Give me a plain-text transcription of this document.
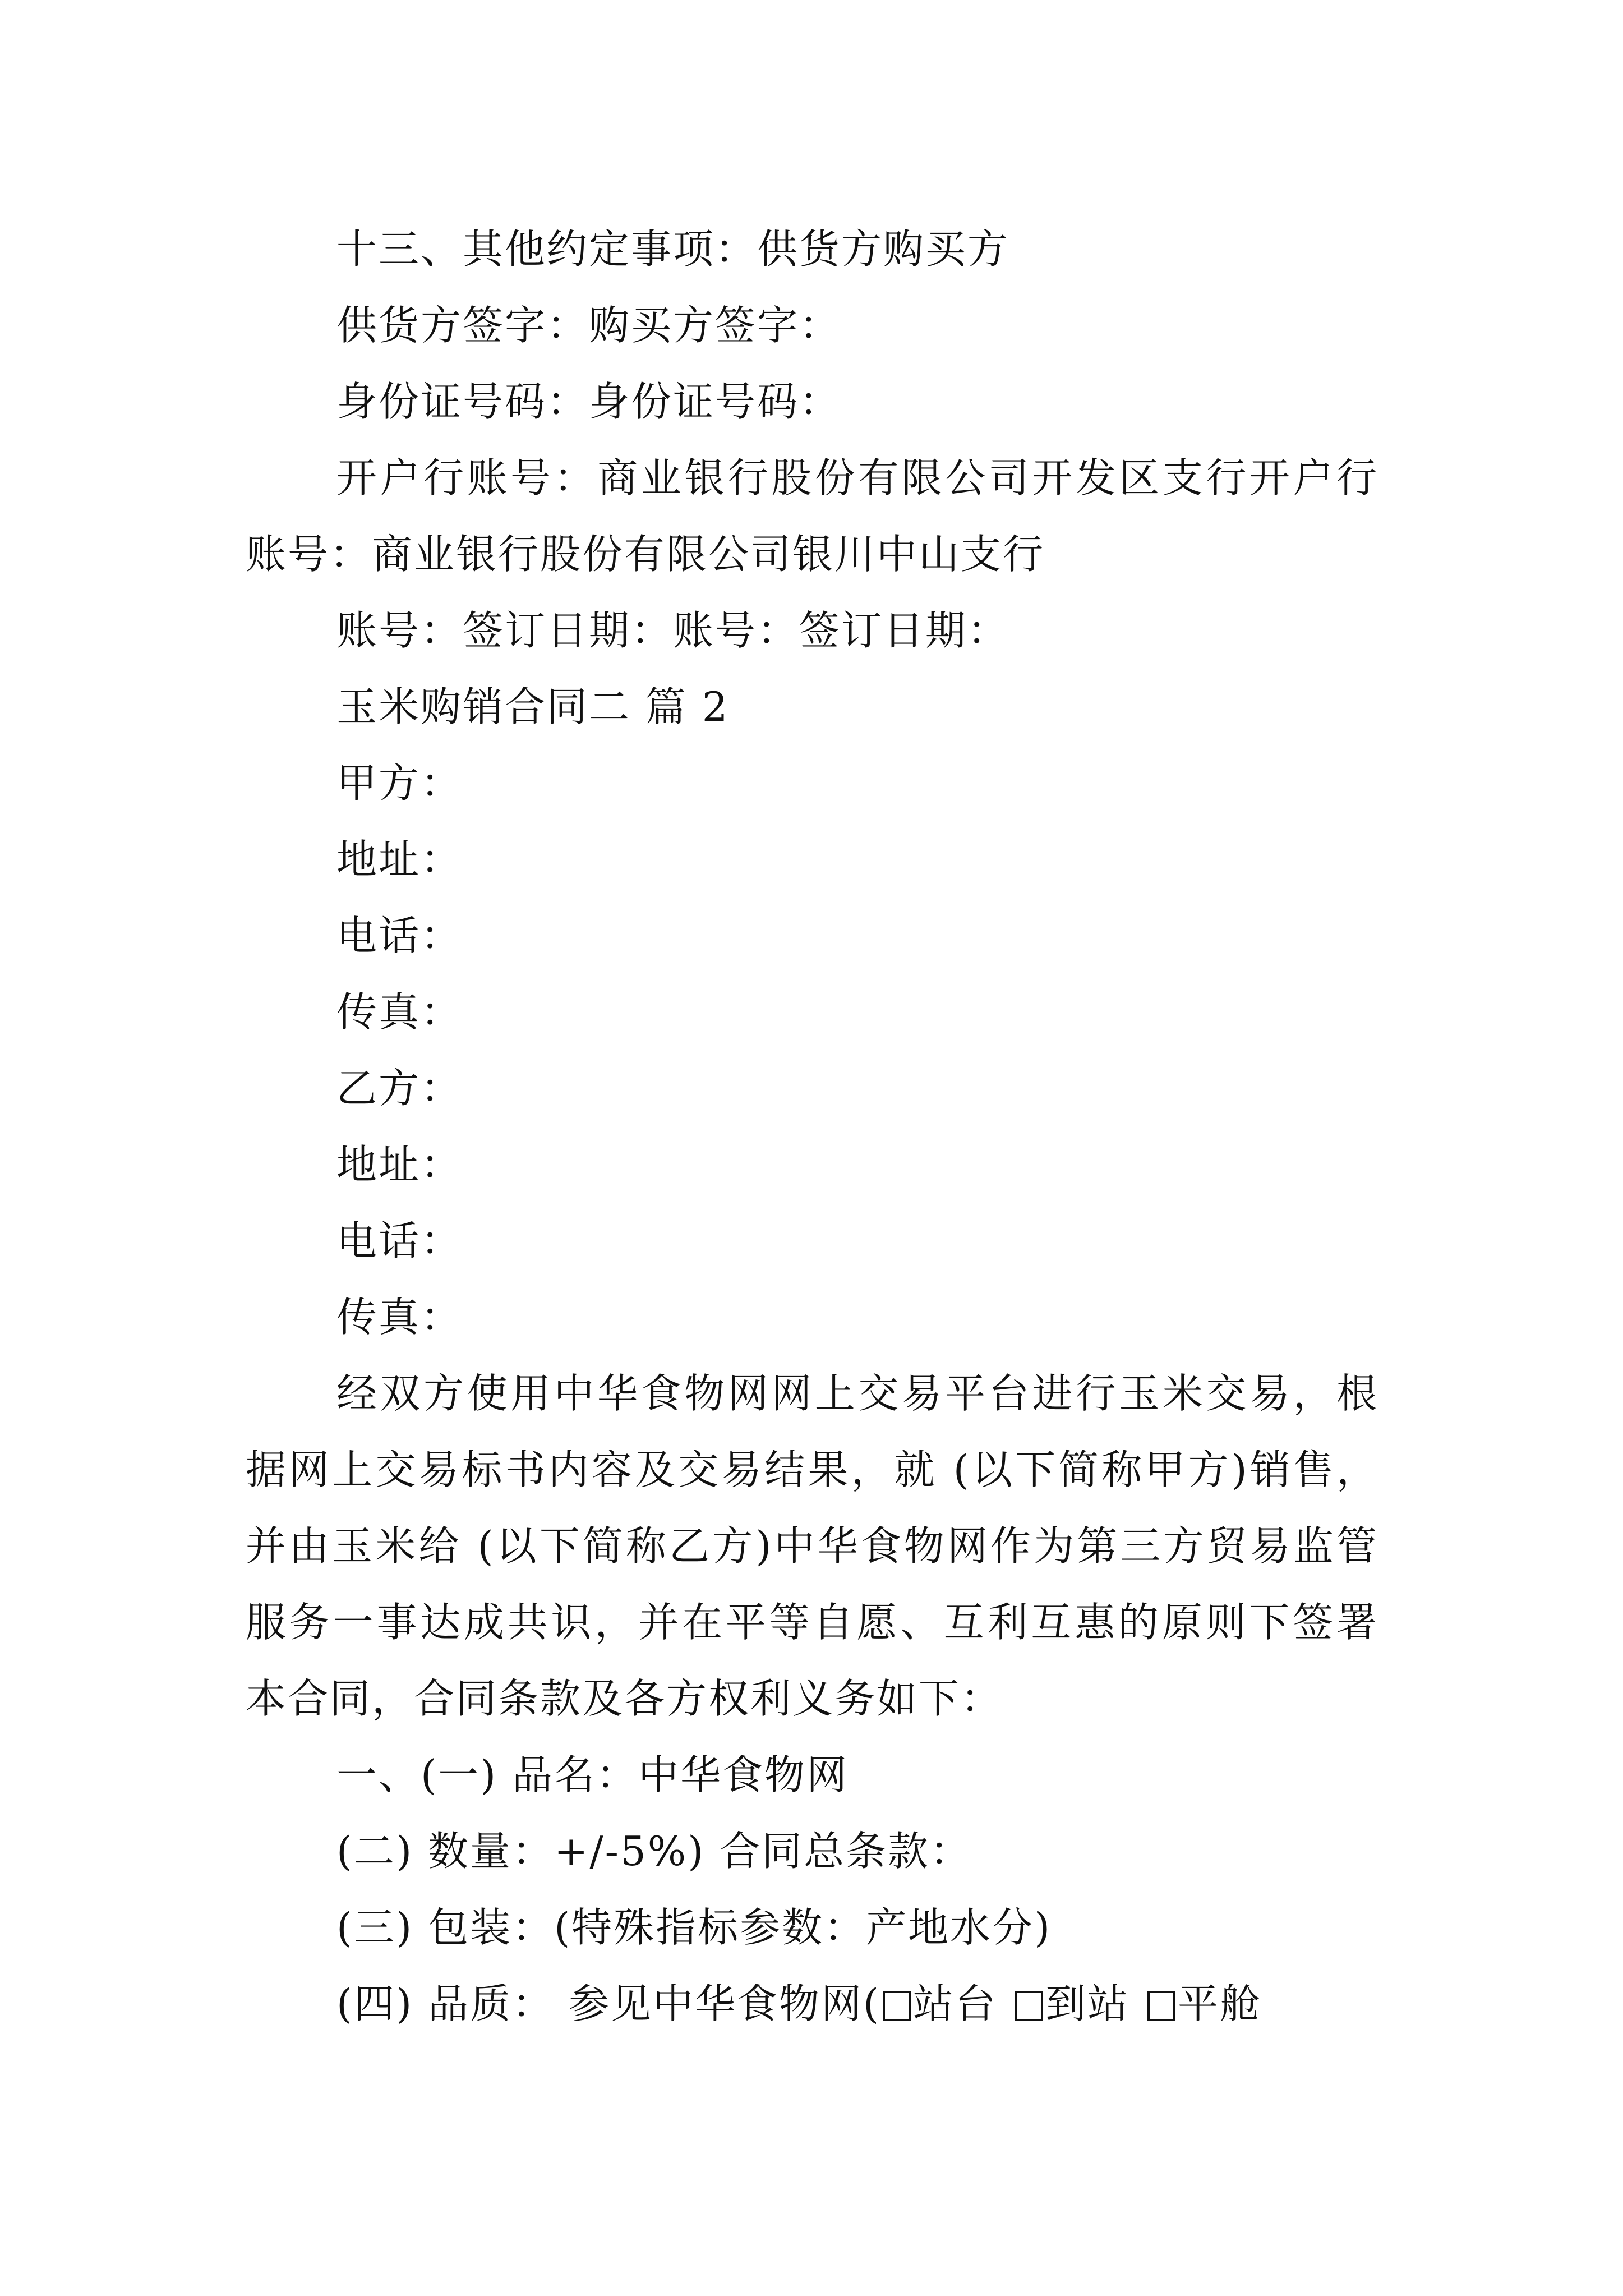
十三、其他约定事项：供货方购买方
供货方签字：购买方签字：
身份证号码：身份证号码：

开户行账号：商业银行股份有限公司开发区支行开户行账号：商业银行股份有限公司银川中山支行

账号：签订日期：账号：签订日期：
玉米购销合同二 篇 2
甲方：
地址：
电话：
传真：
乙方：
地址：
电话：
传真：

经双方使用中华食物网网上交易平台进行玉米交易，根据网上交易标书内容及交易结果，就 (以下简称甲方)销售，并由玉米给 (以下简称乙方)中华食物网作为第三方贸易监管服务一事达成共识，并在平等自愿、互利互惠的原则下签署本合同，合同条款及各方权利义务如下：

一、(一) 品名：中华食物网
(二) 数量：+/-5%) 合同总条款：
(三) 包装：(特殊指标参数：产地水分)
(四) 品质： 参见中华食物网( 站台 到站 平舱
